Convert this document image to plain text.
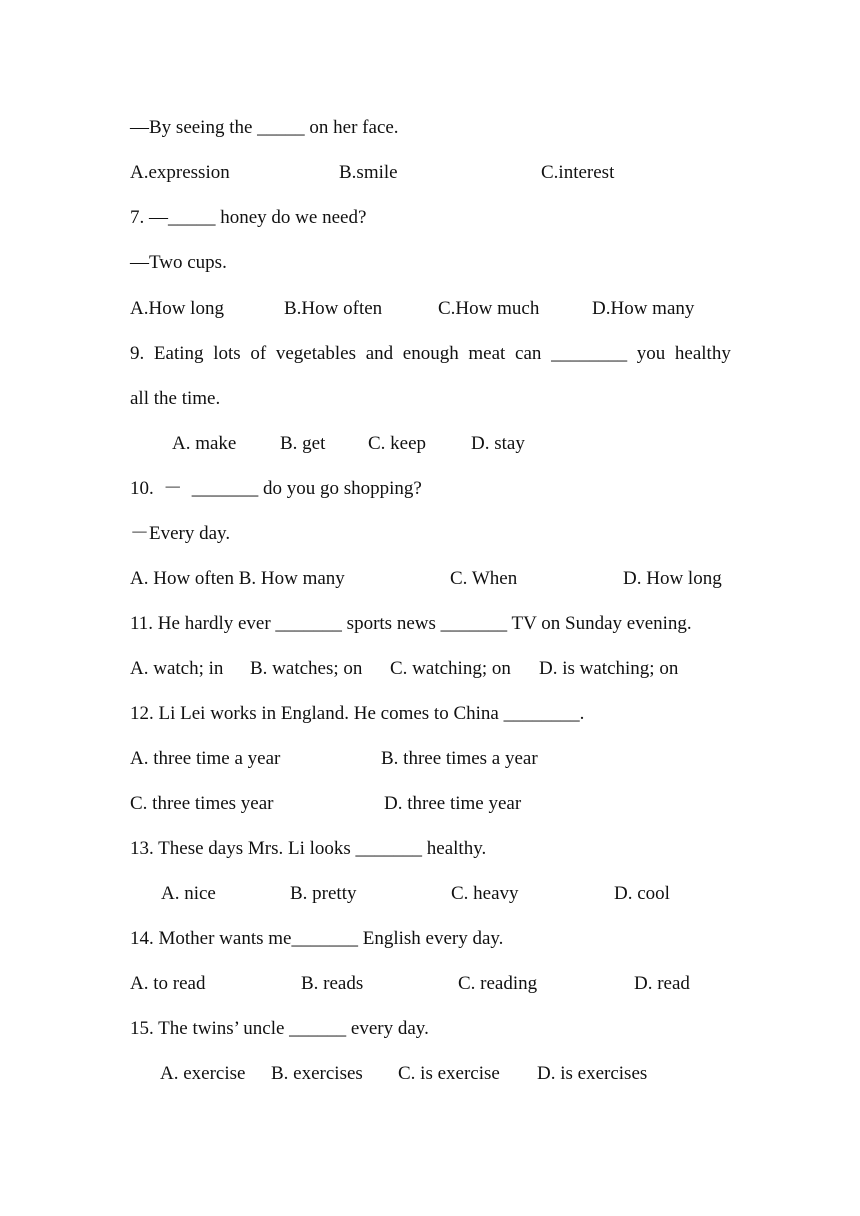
—By seeing the _____ on her face.
A.expression	B.smile	C.interest
7. —_____ honey do we need?
—Two cups.
A.How long	B.How often	C.How much	D.How many
9. Eating lots of vegetables and enough meat can ________ you healthy
all the time.
A. make B. get C. keep D. stay
10.  －  _______ do you go shopping?
－Every day.
A. How often B. How many	C. When	D. How long
11. He hardly ever _______ sports news _______ TV on Sunday evening.
A. watch; in B. watches; on C. watching; on D. is watching; on
12. Li Lei works in England. He comes to China ________.
A. three time a year	B. three times a year
C. three times year	D. three time year
13. These days Mrs. Li looks _______ healthy.
A. nice	B. pretty	C. heavy	D. cool
14. Mother wants me_______ English every day.
A. to read	B. reads	C. reading	D. read
15. The twins’ uncle ______ every day.
A. exercise B. exercises C. is exercise D. is exercises
